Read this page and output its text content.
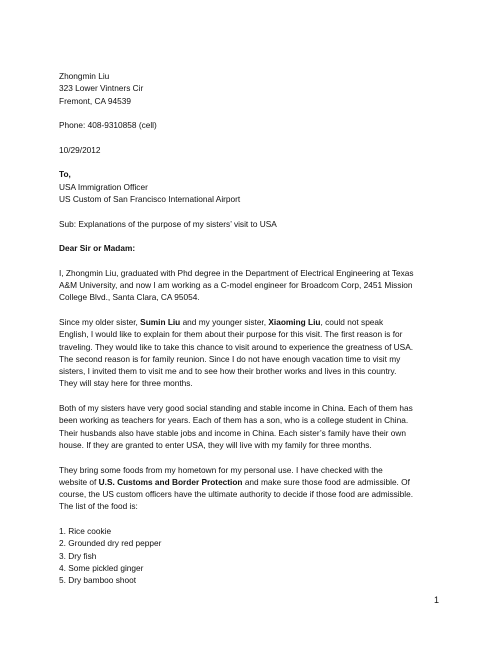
Zhongmin Liu
323 Lower Vintners Cir
Fremont, CA 94539
Phone: 408-9310858 (cell)
10/29/2012
To,
USA Immigration Officer
US Custom of San Francisco International Airport
Sub: Explanations of the purpose of my sisters’ visit to USA
Dear Sir or Madam:
I, Zhongmin Liu, graduated with Phd degree in the Department of Electrical Engineering at Texas
A&M University, and now I am working as a C-model engineer for Broadcom Corp, 2451 Mission
College Blvd., Santa Clara, CA 95054.
Since my older sister, Sumin Liu and my younger sister, Xiaoming Liu, could not speak
English, I would like to explain for them about their purpose for this visit. The first reason is for
traveling. They would like to take this chance to visit around to experience the greatness of USA.
The second reason is for family reunion. Since I do not have enough vacation time to visit my
sisters, I invited them to visit me and to see how their brother works and lives in this country.
They will stay here for three months.
Both of my sisters have very good social standing and stable income in China. Each of them has
been working as teachers for years. Each of them has a son, who is a college student in China.
Their husbands also have stable jobs and income in China. Each sister’s family have their own
house. If they are granted to enter USA, they will live with my family for three months.
They bring some foods from my hometown for my personal use. I have checked with the
website of U.S. Customs and Border Protection and make sure those food are admissible. Of
course, the US custom officers have the ultimate authority to decide if those food are admissible.
The list of the food is:
1. Rice cookie
2. Grounded dry red pepper
3. Dry fish
4. Some pickled ginger
5. Dry bamboo shoot
1
